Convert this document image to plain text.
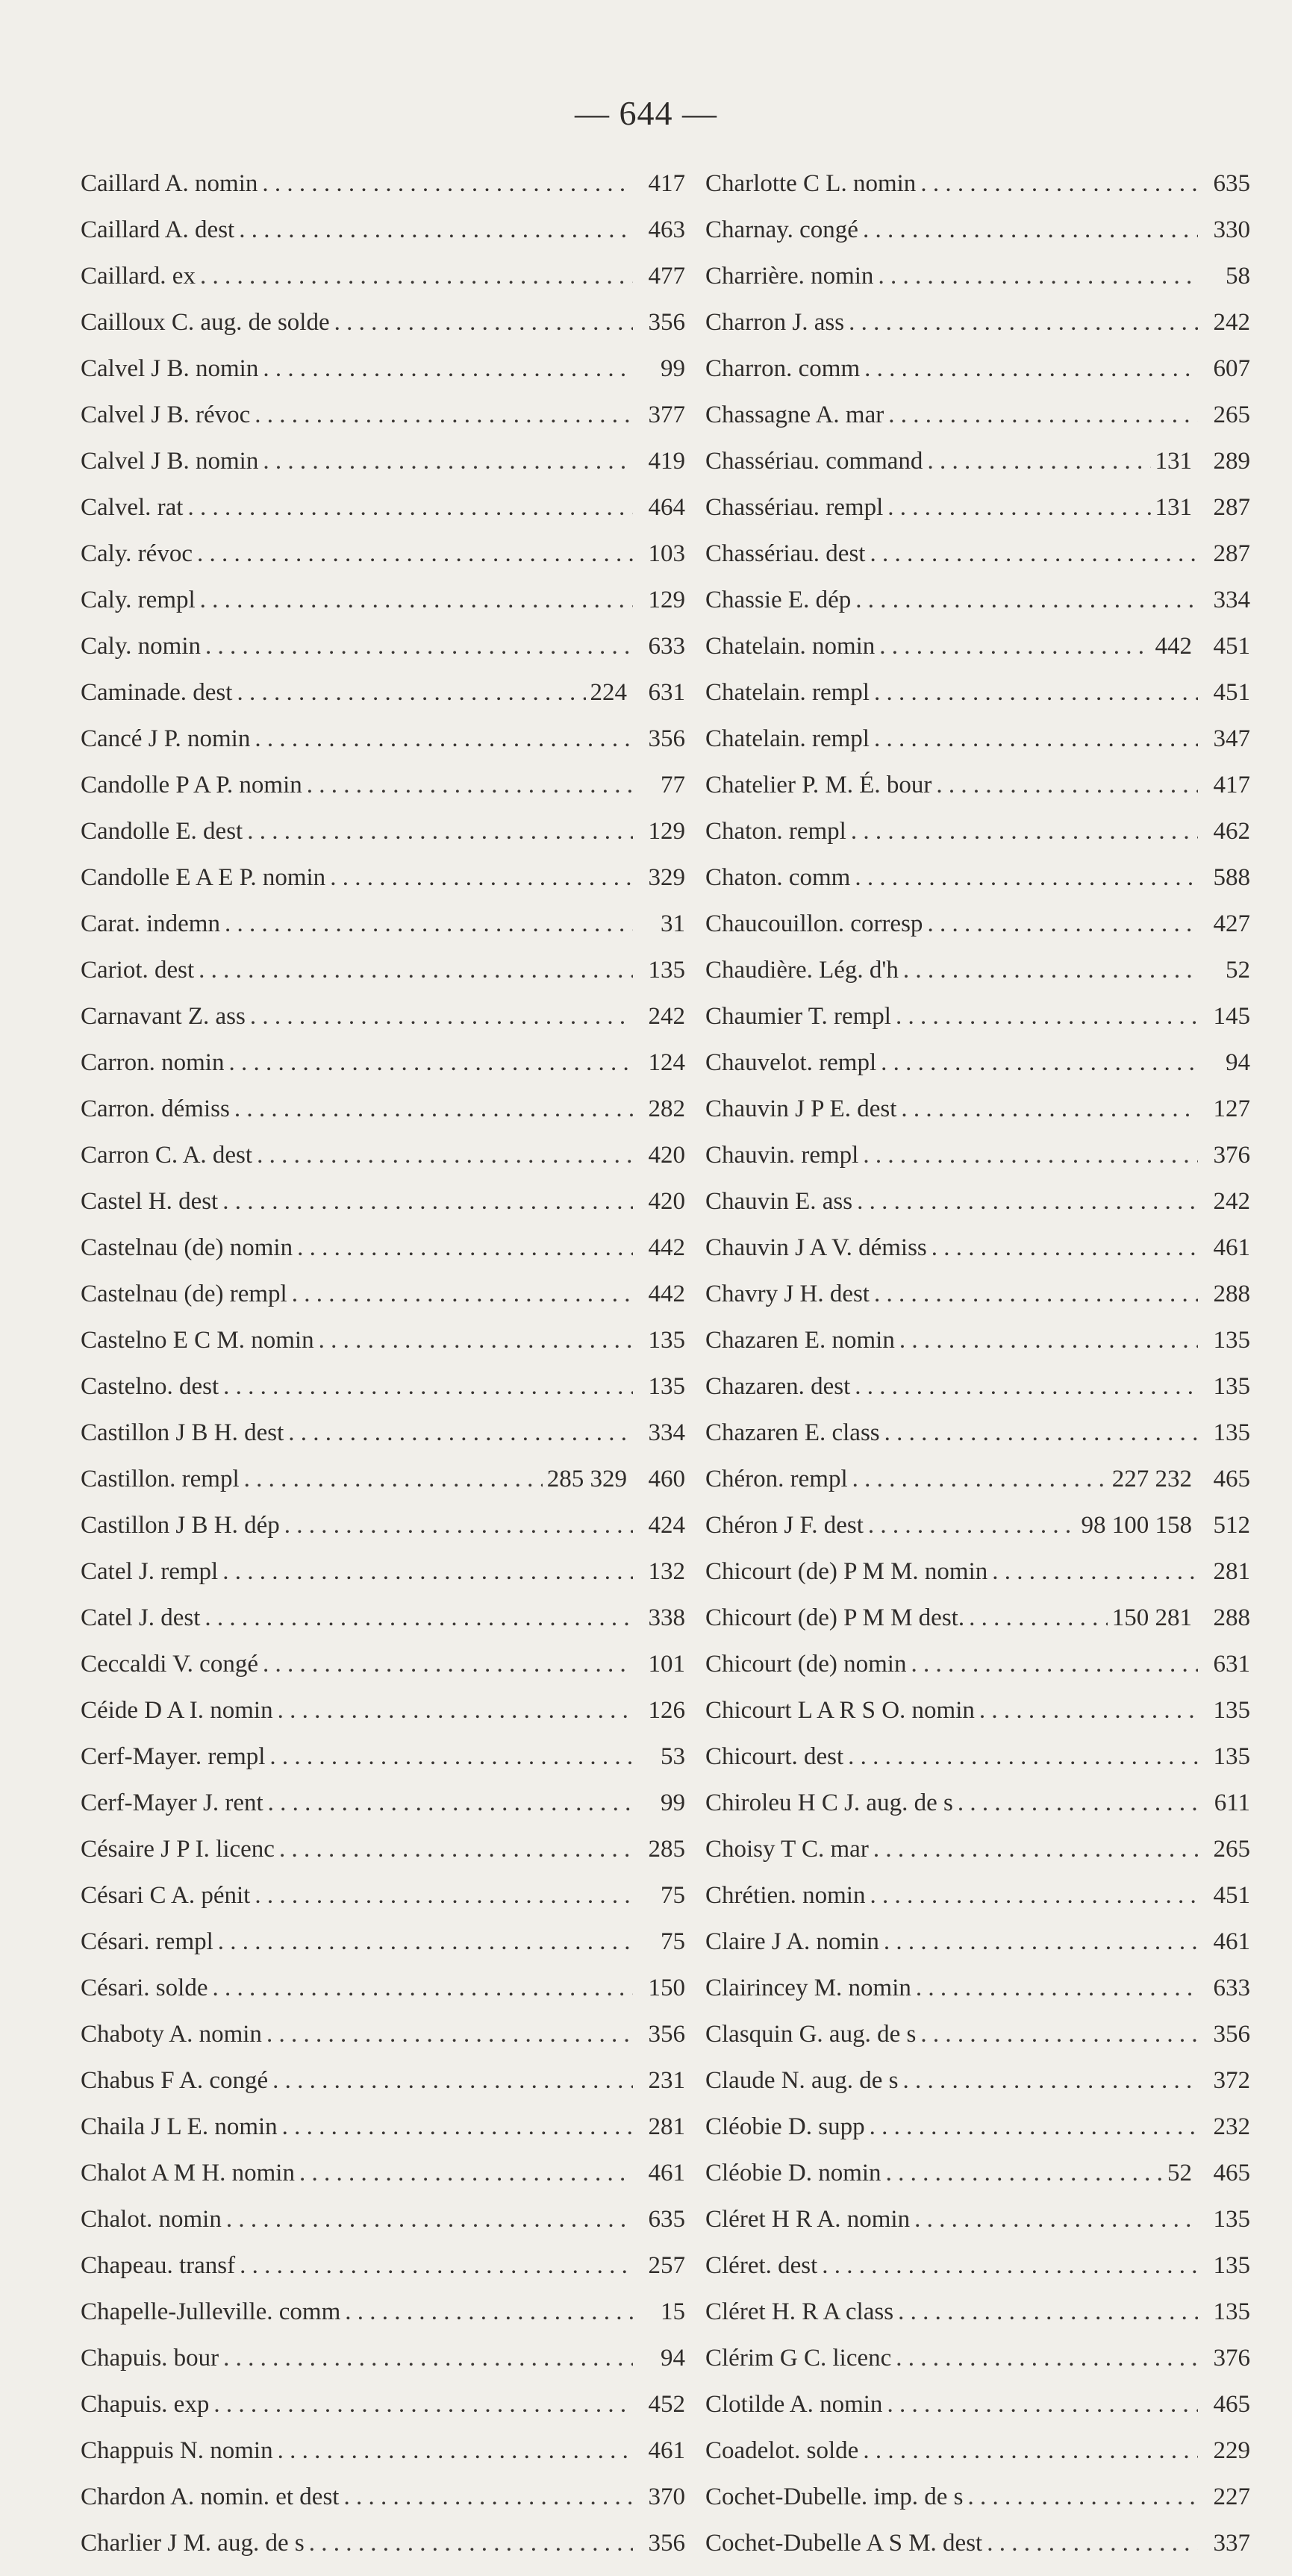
— 644 —
Caillard A. nomin . . .	417
Caillard A. dest . . .	463
Caillard. ex . . .	477
Cailloux C. aug. de solde . . .	356
Calvel J B. nomin . . .	99
Calvel J B. révoc . . .	377
Calvel J B. nomin . . .	419
Calvel. rat . . .	464
Caly. révoc . . .	103
Caly. rempl . . .	129
Caly. nomin . . .	633
Caminade. dest . . .	224 631
Cancé J P. nomin . . .	356
Candolle P A P. nomin . . .	77
Candolle E. dest . . .	129
Candolle E A E P. nomin . . .	329
Carat. indemn . . .	31
Cariot. dest . . .	135
Carnavant Z. ass . . .	242
Carron. nomin . . .	124
Carron. démiss . . .	282
Carron C. A. dest . . .	420
Castel H. dest . . .	420
Castelnau (de) nomin . . .	442
Castelnau (de) rempl . . .	442
Castelno E C M. nomin . . .	135
Castelno. dest . . .	135
Castillon J B H. dest . . .	334
Castillon. rempl . . .	285 329 460
Castillon J B H. dép . . .	424
Catel J. rempl . . .	132
Catel J. dest . . .	338
Ceccaldi V. congé . . .	101
Céide D A I. nomin . . .	126
Cerf-Mayer. rempl . . .	53
Cerf-Mayer J. rent . . .	99
Césaire J P I. licenc . . .	285
Césari C A. pénit . . .	75
Césari. rempl . . .	75
Césari. solde . . .	150
Chaboty A. nomin . . .	356
Chabus F A. congé . . .	231
Chaila J L E. nomin . . .	281
Chalot A M H. nomin . . .	461
Chalot. nomin . . .	635
Chapeau. transf . . .	257
Chapelle-Julleville. comm . . .	15
Chapuis. bour . . .	94
Chapuis. exp . . .	452
Chappuis N. nomin . . .	461
Chardon A. nomin. et dest . . .	370
Charlier J M. aug. de s . . .	356
Charlotte C L. nomin . . .	635
Charnay. congé . . .	330
Charrière. nomin . . .	58
Charron J. ass . . .	242
Charron. comm . . .	607
Chassagne A. mar . . .	265
Chassériau. command . . .	131 289
Chassériau. rempl . . .	131 287
Chassériau. dest . . .	287
Chassie E. dép . . .	334
Chatelain. nomin . . .	442 451
Chatelain. rempl . . .	451
Chatelain. rempl . . .	347
Chatelier P. M. É. bour . . .	417
Chaton. rempl . . .	462
Chaton. comm . . .	588
Chaucouillon. corresp . . .	427
Chaudière. Lég. d'h . . .	52
Chaumier T. rempl . . .	145
Chauvelot. rempl . . .	94
Chauvin J P E. dest . . .	127
Chauvin. rempl . . .	376
Chauvin E. ass . . .	242
Chauvin J A V. démiss . . .	461
Chavry J H. dest . . .	288
Chazaren E. nomin . . .	135
Chazaren. dest . . .	135
Chazaren E. class . . .	135
Chéron. rempl . . .	227 232 465
Chéron J F. dest . . .	98 100 158 512
Chicourt (de) P M M. nomin . . .	281
Chicourt (de) P M M dest. . . .	150 281 288
Chicourt (de) nomin . . .	631
Chicourt L A R S O. nomin . . .	135
Chicourt. dest . . .	135
Chiroleu H C J. aug. de s . . .	611
Choisy T C. mar . . .	265
Chrétien. nomin . . .	451
Claire J A. nomin . . .	461
Clairincey M. nomin . . .	633
Clasquin G. aug. de s . . .	356
Claude N. aug. de s . . .	372
Cléobie D. supp . . .	232
Cléobie D. nomin . . .	52 465
Cléret H R A. nomin . . .	135
Cléret. dest . . .	135
Cléret H. R A class . . .	135
Clérim G C. licenc . . .	376
Clotilde A. nomin . . .	465
Coadelot. solde . . .	229
Cochet-Dubelle. imp. de s . . .	227
Cochet-Dubelle A S M. dest . . .	337
